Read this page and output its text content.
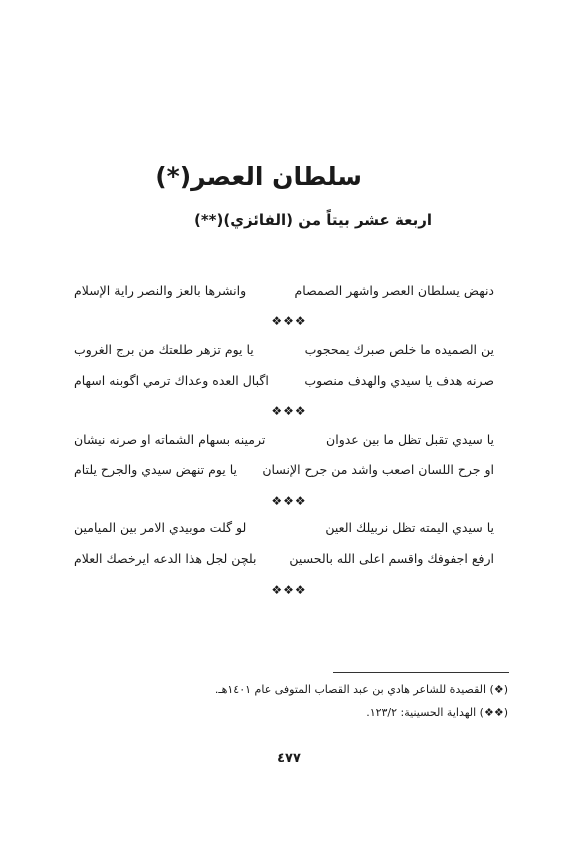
سلطان العصر(*)
اربعة عشر بيتاً من (الفائزي)(**)
دنهض يسلطان العصر واشهر الصمصام
وانشرها بالعز والنصر راية الإسلام
❖❖❖
ين الصميده ما خلص صبرك يمحجوب
يا يوم تزهر طلعتك من برج الغروب
صرنه هدف يا سيدي والهدف منصوب
اگبال العده وعداك ترمي اگوبنه اسهام
❖❖❖
يا سيدي تقبل تظل ما بين عدوان
ترمينه بسهام الشماته او صرنه نيشان
او جرح اللسان اصعب واشد من جرح الإنسان
يا يوم تنهض سيدي والجرح يلتام
❖❖❖
يا سيدي اليمته تظل نربيلك العين
لو گلت موبيدي الامر بين الميامين
ارفع اجفوفك واقسم اعلى الله بالحسين
بلچن لجل هذا الدعه ايرخصك العلام
❖❖❖
(❖) القصيدة للشاعر هادي بن عبد القصاب المتوفى عام ١٤٠١هـ.
(❖❖) الهداية الحسينية: ١٢٣/٢.
٤٧٧
